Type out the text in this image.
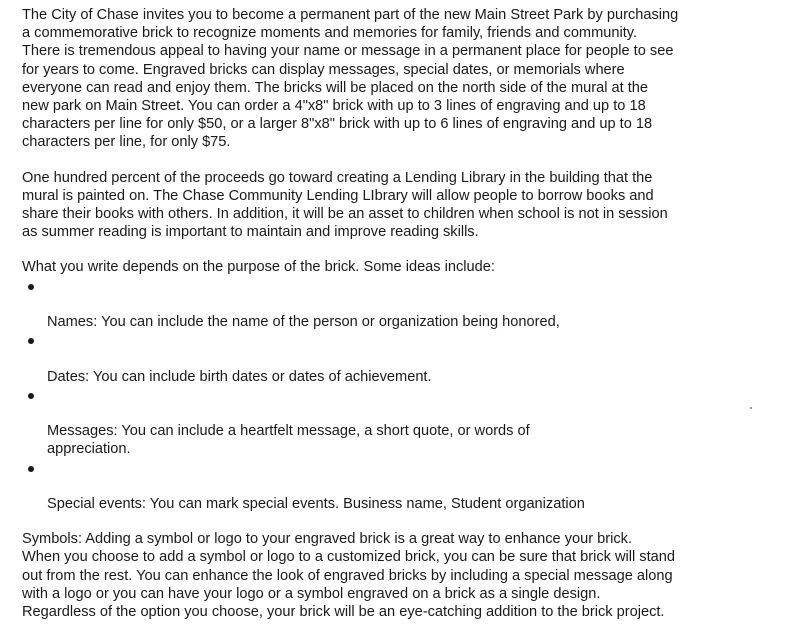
The City of Chase invites you to become a permanent part of the new Main Street Park by purchasing
a commemorative brick to recognize moments and memories for family, friends and community.
There is tremendous appeal to having your name or message in a permanent place for people to see
for years to come. Engraved bricks can display messages, special dates, or memorials where
everyone can read and enjoy them. The bricks will be placed on the north side of the mural at the
new park on Main Street. You can order a 4"x8" brick with up to 3 lines of engraving and up to 18
characters per line for only $50, or a larger 8"x8" brick with up to 6 lines of engraving and up to 18
characters per line, for only $75.

One hundred percent of the proceeds go toward creating a Lending Library in the building that the
mural is painted on. The Chase Community Lending LIbrary will allow people to borrow books and
share their books with others. In addition, it will be an asset to children when school is not in session
as summer reading is important to maintain and improve reading skills.

What you write depends on the purpose of the brick. Some ideas include:

Names: You can include the name of the person or organization being honored,

Dates: You can include birth dates or dates of achievement.

Messages: You can include a heartfelt message, a short quote, or words of
appreciation.

Special events: You can mark special events. Business name, Student organization

Symbols: Adding a symbol or logo to your engraved brick is a great way to enhance your brick.
When you choose to add a symbol or logo to a customized brick, you can be sure that brick will stand
out from the rest. You can enhance the look of engraved bricks by including a special message along
with a logo or you can have your logo or a symbol engraved on a brick as a single design.
Regardless of the option you choose, your brick will be an eye-catching addition to the brick project.
